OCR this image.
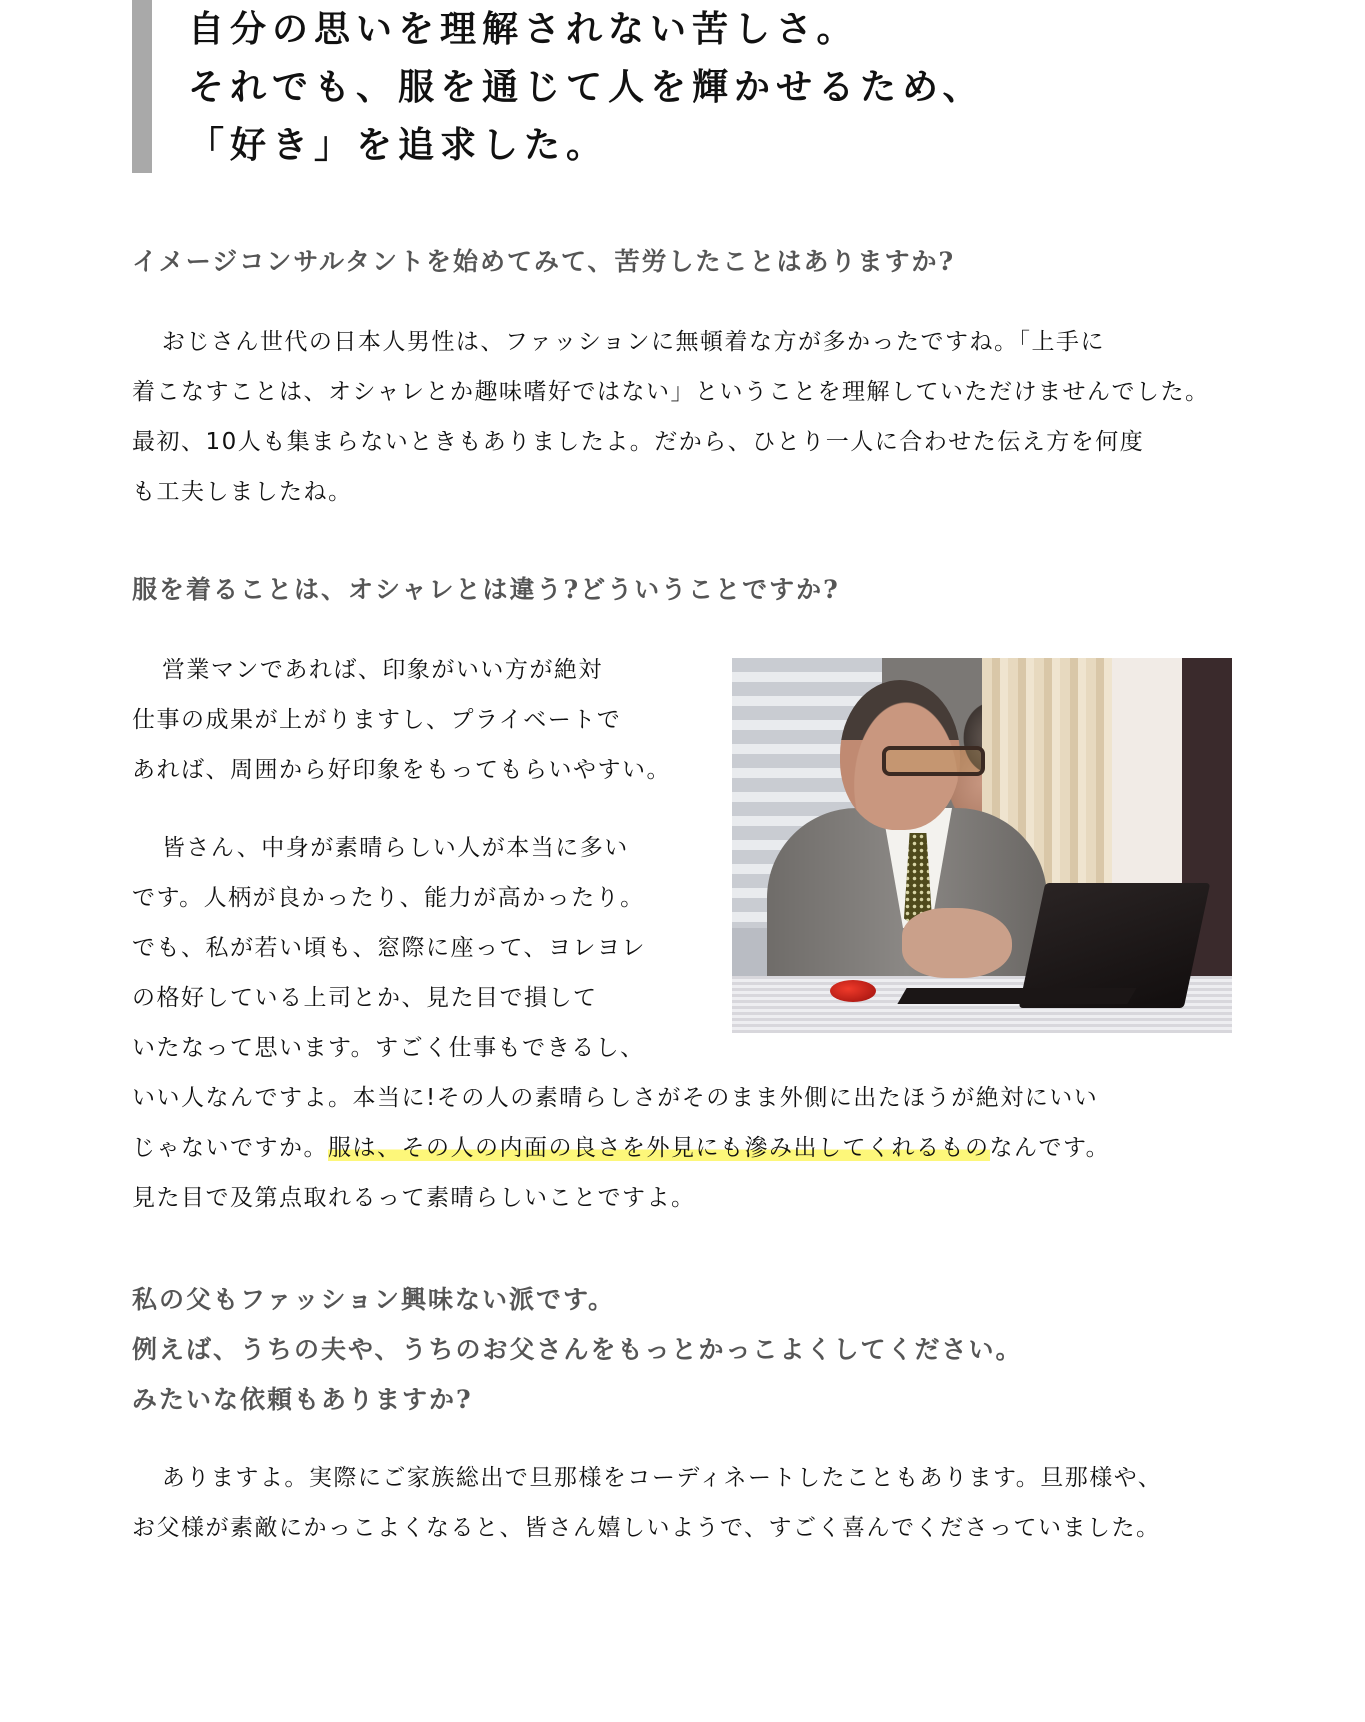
自分の思いを理解されない苦しさ。
それでも、服を通じて人を輝かせるため、
「好き」を追求した。
イメージコンサルタントを始めてみて、苦労したことはありますか?

おじさん世代の日本人男性は、ファッションに無頓着な方が多かったですね。「上手に
着こなすことは、オシャレとか趣味嗜好ではない」ということを理解していただけませんでした。
最初、10人も集まらないときもありましたよ。だから、ひとり一人に合わせた伝え方を何度
も工夫しましたね。

服を着ることは、オシャレとは違う?どういうことですか?

営業マンであれば、印象がいい方が絶対
仕事の成果が上がりますし、プライベートで
あれば、周囲から好印象をもってもらいやすい。

皆さん、中身が素晴らしい人が本当に多い
です。人柄が良かったり、能力が高かったり。
でも、私が若い頃も、窓際に座って、ヨレヨレ
の格好している上司とか、見た目で損して
いたなって思います。すごく仕事もできるし、
いい人なんですよ。本当に!その人の素晴らしさがそのまま外側に出たほうが絶対にいい
じゃないですか。服は、その人の内面の良さを外見にも滲み出してくれるものなんです。
見た目で及第点取れるって素晴らしいことですよ。

私の父もファッション興味ない派です。
例えば、うちの夫や、うちのお父さんをもっとかっこよくしてください。
みたいな依頼もありますか?

ありますよ。実際にご家族総出で旦那様をコーディネートしたこともあります。旦那様や、
お父様が素敵にかっこよくなると、皆さん嬉しいようで、すごく喜んでくださっていました。
